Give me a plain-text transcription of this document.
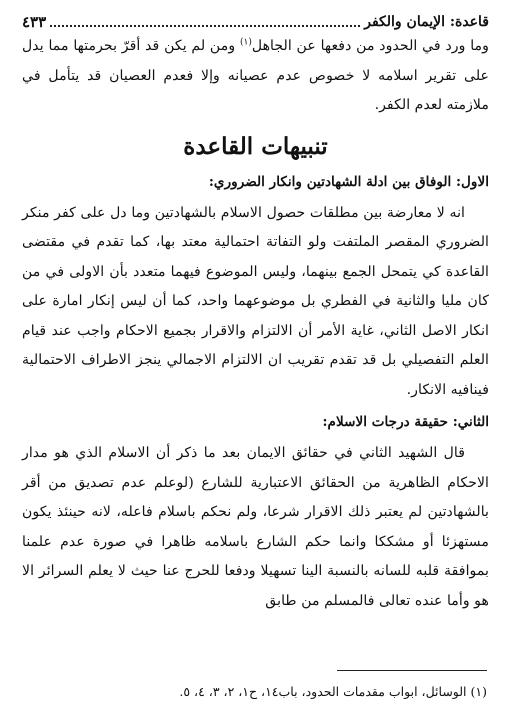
قاعدة: الإيمان والكفر
٤٣٣

وما ورد في الحدود من دفعها عن الجاهل$^{(١)}$ ومن لم يكن قد أقرّ بحرمتها مما يدل على تقرير اسلامه لا خصوص عدم عصيانه وإلا فعدم العصيان قد يتأمل في ملازمته لعدم الكفر.

تنبيهات القاعدة
الاول: الوفاق بين ادلة الشهادتين وانكار الضروري:

انه لا معارضة بين مطلقات حصول الاسلام بالشهادتين وما دل على كفر منكر الضروري المقصر الملتفت ولو التفاتة احتمالية معتد بها، كما تقدم في مقتضى القاعدة كي يتمحل الجمع بينهما، وليس الموضوع فيهما متعدد بأن الاولى في من كان مليا والثانية في الفطري بل موضوعهما واحد، كما أن ليس إنكار امارة على انكار الاصل الثاني، غاية الأمر أن الالتزام والاقرار بجميع الاحكام واجب عند قيام العلم التفصيلي بل قد تقدم تقريب ان الالتزام الاجمالي ينجز الاطراف الاحتمالية فينافيه الانكار.

الثاني: حقيقة درجات الاسلام:

قال الشهيد الثاني في حقائق الايمان بعد ما ذكر أن الاسلام الذي هو مدار الاحكام الظاهرية من الحقائق الاعتبارية للشارع (لوعلم عدم تصديق من أقر بالشهادتين لم يعتبر ذلك الاقرار شرعا، ولم نحكم باسلام فاعله، لانه حينئذ يكون مستهزئا أو مشككا وانما حكم الشارع باسلامه ظاهرا في صورة عدم علمنا بموافقة قلبه للسانه بالنسبة الينا تسهيلا ودفعا للحرج عنا حيث لا يعلم السرائر الا هو وأما عنده تعالى فالمسلم من طابق

(١) الوسائل، ابواب مقدمات الحدود، باب١٤، ح١، ٢، ٣، ٤، ٥.
